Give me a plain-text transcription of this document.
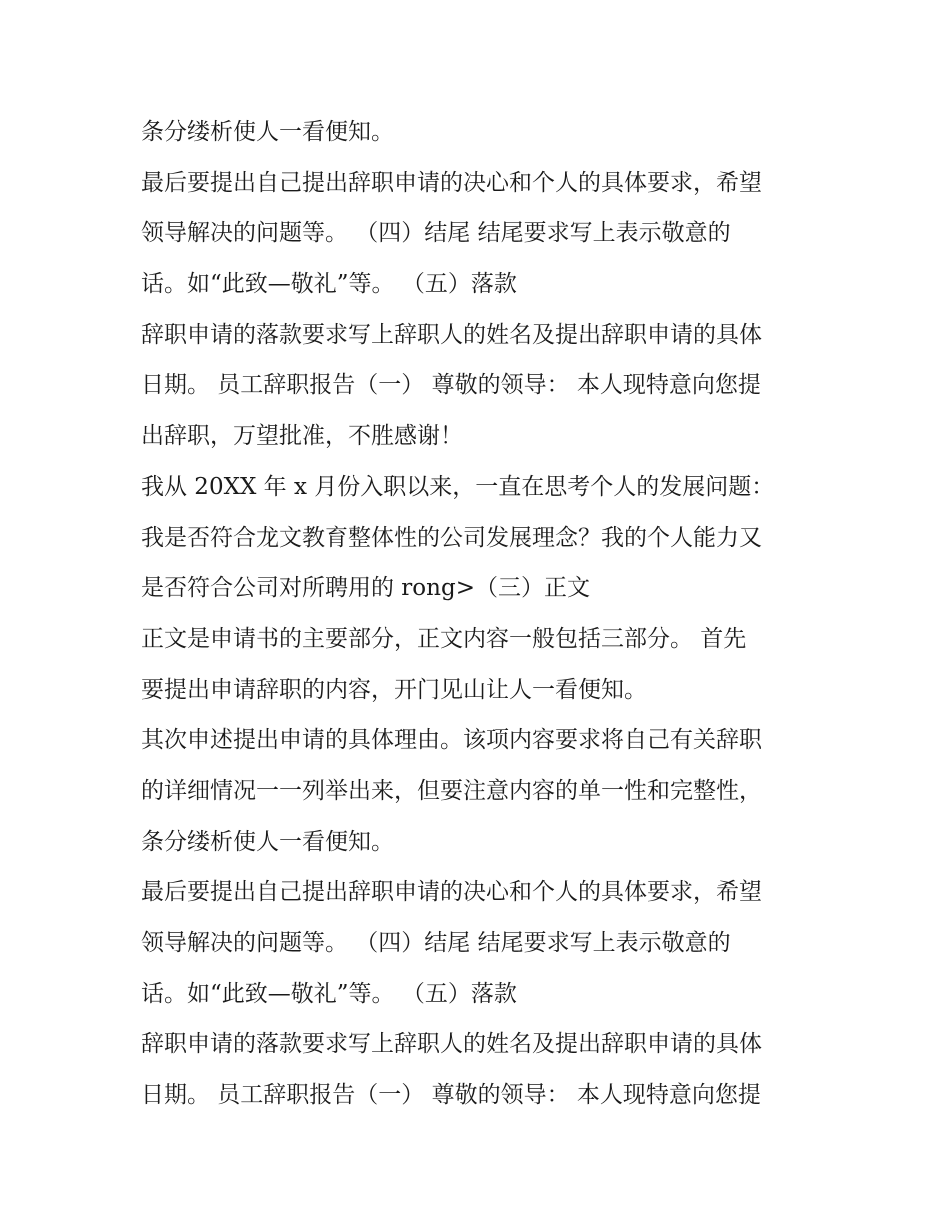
条分缕析使人一看便知。
最后要提出自己提出辞职申请的决心和个人的具体要求，希望
领导解决的问题等。 （四）结尾 结尾要求写上表示敬意的
话。如“此致—敬礼”等。 （五）落款
辞职申请的落款要求写上辞职人的姓名及提出辞职申请的具体
日期。 员工辞职报告（一） 尊敬的领导： 本人现特意向您提
出辞职，万望批准，不胜感谢！
我从 20XX 年 x 月份入职以来，一直在思考个人的发展问题：
我是否符合龙文教育整体性的公司发展理念？我的个人能力又
是否符合公司对所聘用的 rong>（三）正文
正文是申请书的主要部分，正文内容一般包括三部分。 首先
要提出申请辞职的内容，开门见山让人一看便知。
其次申述提出申请的具体理由。该项内容要求将自己有关辞职
的详细情况一一列举出来，但要注意内容的单一性和完整性，
条分缕析使人一看便知。
最后要提出自己提出辞职申请的决心和个人的具体要求，希望
领导解决的问题等。 （四）结尾 结尾要求写上表示敬意的
话。如“此致—敬礼”等。 （五）落款
辞职申请的落款要求写上辞职人的姓名及提出辞职申请的具体
日期。 员工辞职报告（一） 尊敬的领导： 本人现特意向您提
